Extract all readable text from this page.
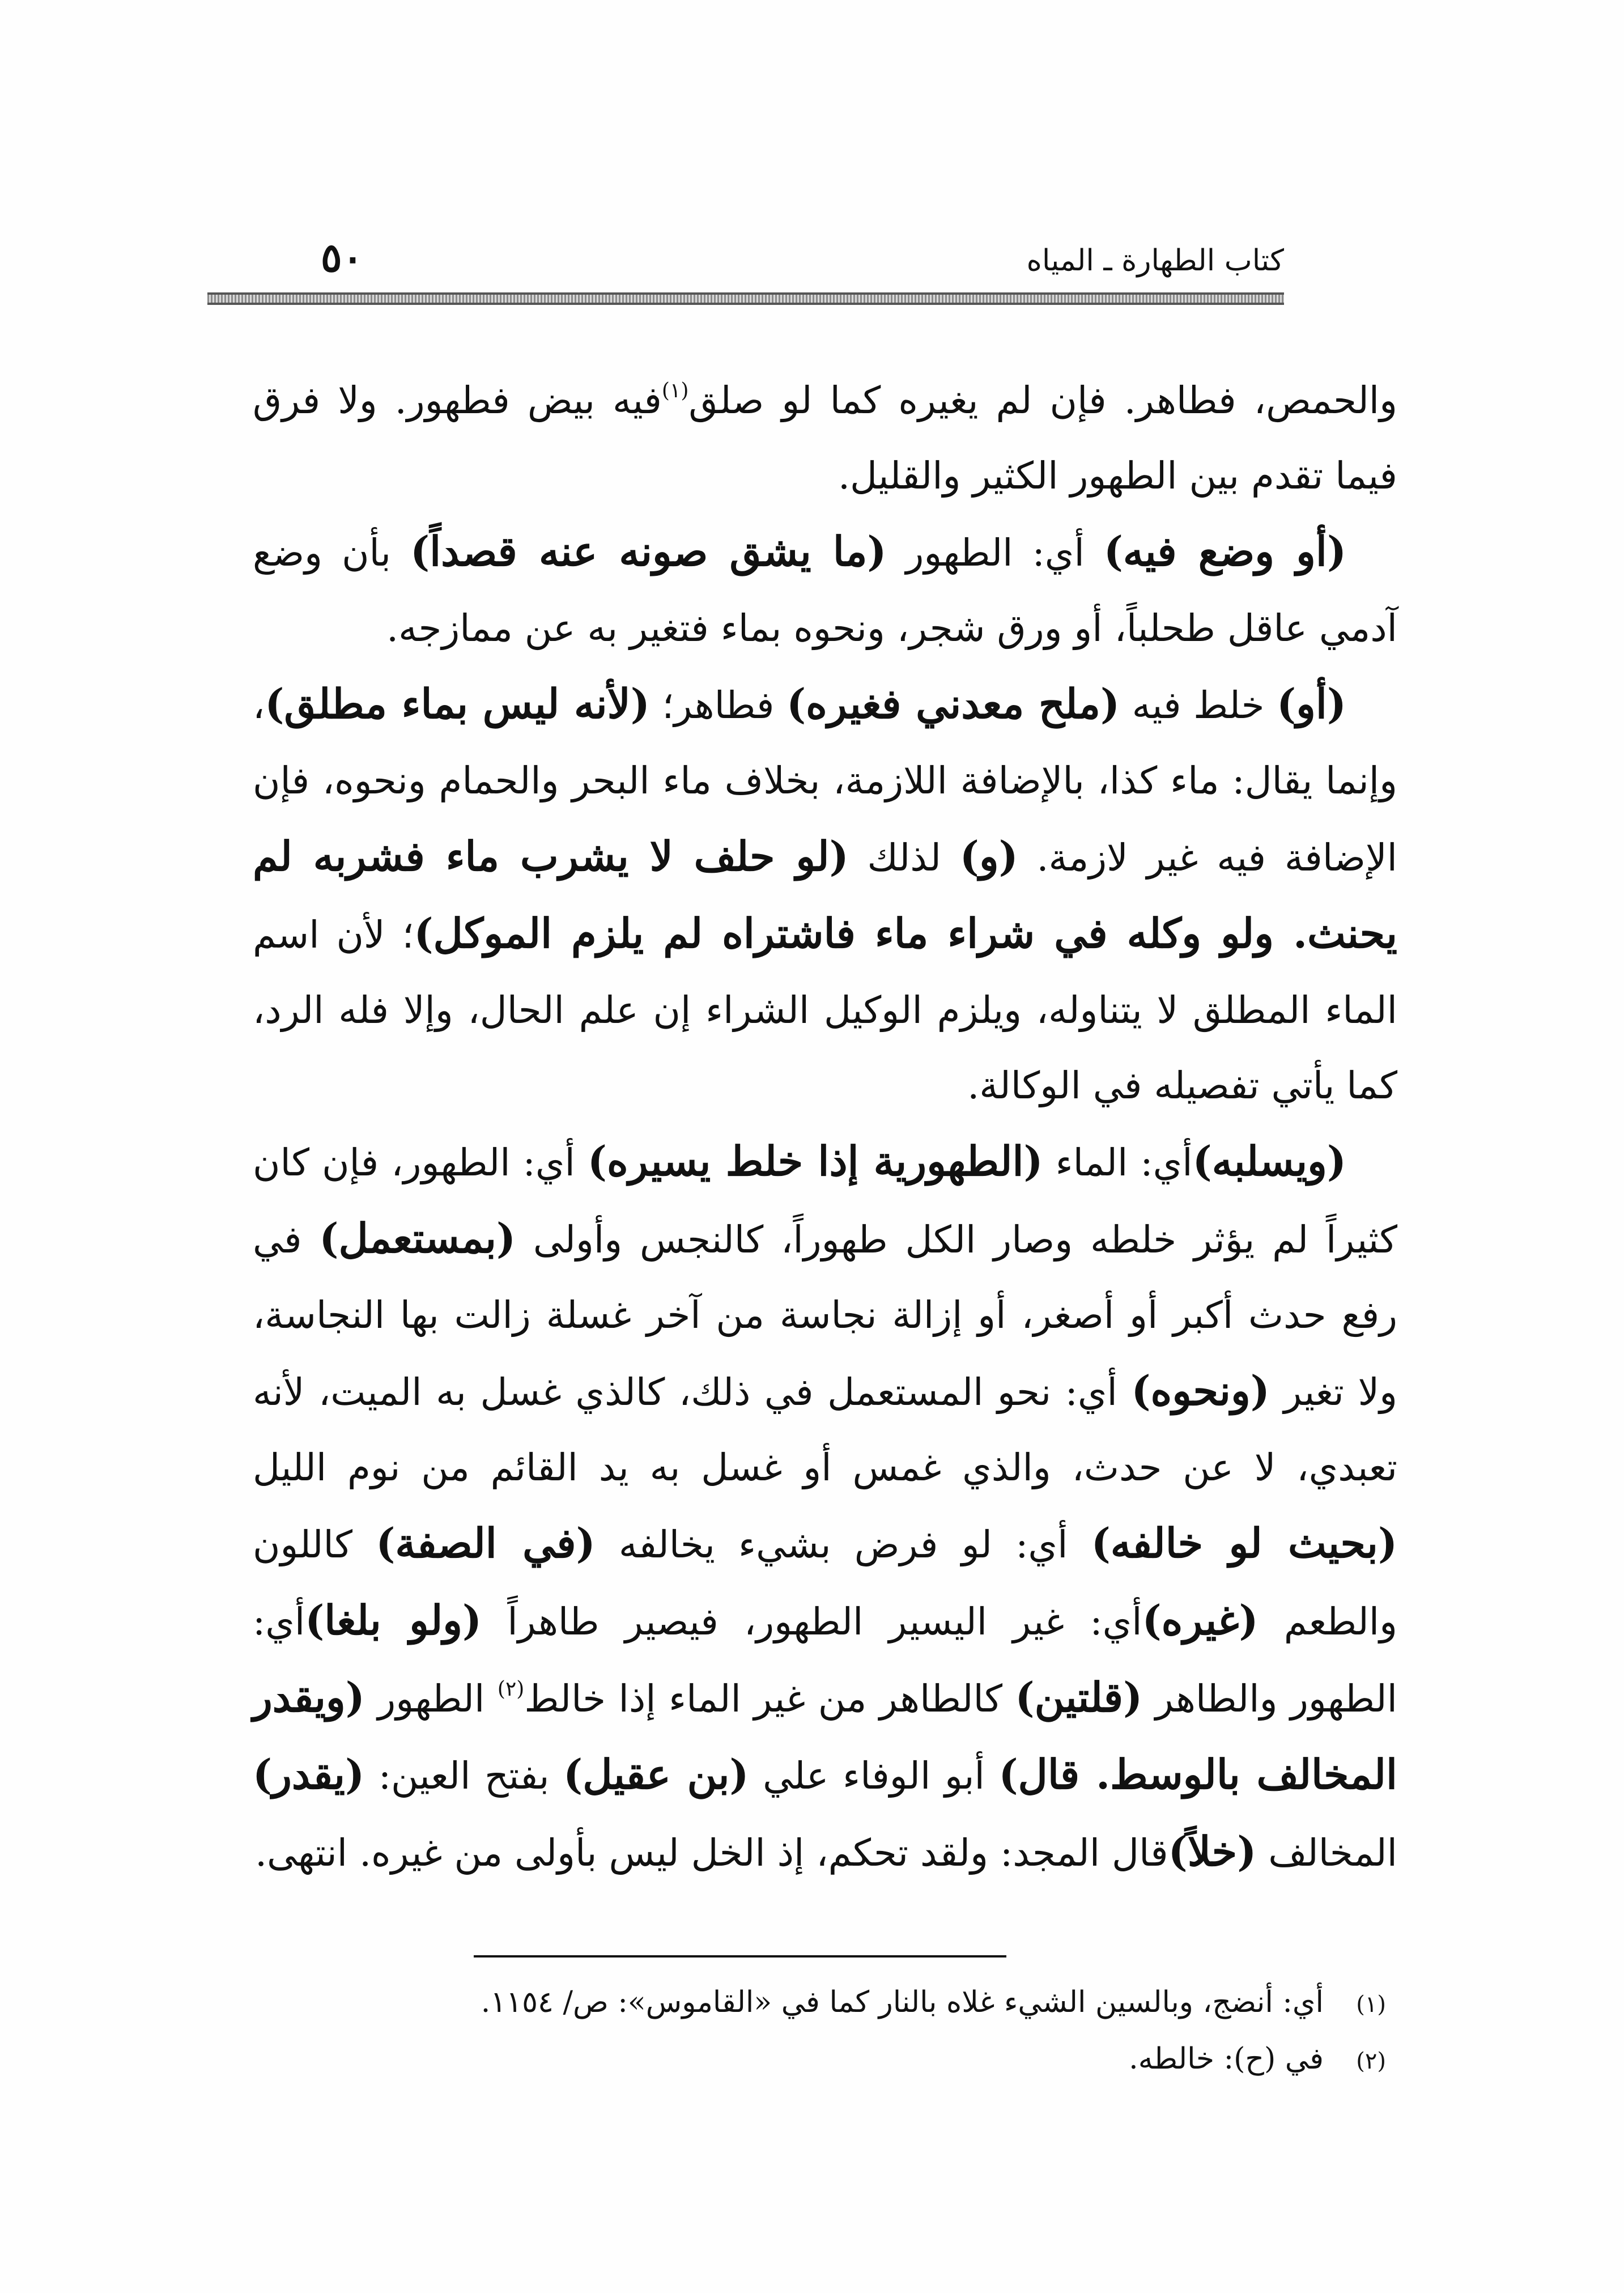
كتاب الطهارة ـ المياه
٥٠

والحمص، فطاهر. فإن لم يغيره كما لو صلق$^{(١)}$فيه بيض فطهور. ولا فرق فيما تقدم بين الطهور الكثير والقليل.

(أو وضع فيه) أي: الطهور (ما يشق صونه عنه قصداً) بأن وضع آدمي عاقل طحلباً، أو ورق شجر، ونحوه بماء فتغير به عن ممازجه.

(أو) خلط فيه (ملح معدني فغيره) فطاهر؛ (لأنه ليس بماء مطلق)، وإنما يقال: ماء كذا، بالإضافة اللازمة، بخلاف ماء البحر والحمام ونحوه، فإن الإضافة فيه غير لازمة. (و) لذلك (لو حلف لا يشرب ماء فشربه لم يحنث. ولو وكله في شراء ماء فاشتراه لم يلزم الموكل)؛ لأن اسم الماء المطلق لا يتناوله، ويلزم الوكيل الشراء إن علم الحال، وإلا فله الرد، كما يأتي تفصيله في الوكالة.

(ويسلبه)أي: الماء (الطهورية إذا خلط يسيره) أي: الطهور، فإن كان كثيراً لم يؤثر خلطه وصار الكل طهوراً، كالنجس وأولى (بمستعمل) في رفع حدث أكبر أو أصغر، أو إزالة نجاسة من آخر غسلة زالت بها النجاسة، ولا تغير (ونحوه) أي: نحو المستعمل في ذلك، كالذي غسل به الميت، لأنه تعبدي، لا عن حدث، والذي غمس أو غسل به يد القائم من نوم الليل (بحيث لو خالفه) أي: لو فرض بشيء يخالفه (في الصفة) كاللون والطعم (غيره)أي: غير اليسير الطهور، فيصير طاهراً (ولو بلغا)أي: الطهور والطاهر (قلتين) كالطاهر من غير الماء إذا خالط$^{(٢)}$ الطهور (ويقدر المخالف بالوسط. قال) أبو الوفاء علي (بن عقيل) بفتح العين: (يقدر) المخالف (خلاً)قال المجد: ولقد تحكم، إذ الخل ليس بأولى من غيره. انتهى.

(١)أي: أنضج، وبالسين الشيء غلاه بالنار كما في «القاموس»: ص/ ١١٥٤.

(٢)في (ح): خالطه.
